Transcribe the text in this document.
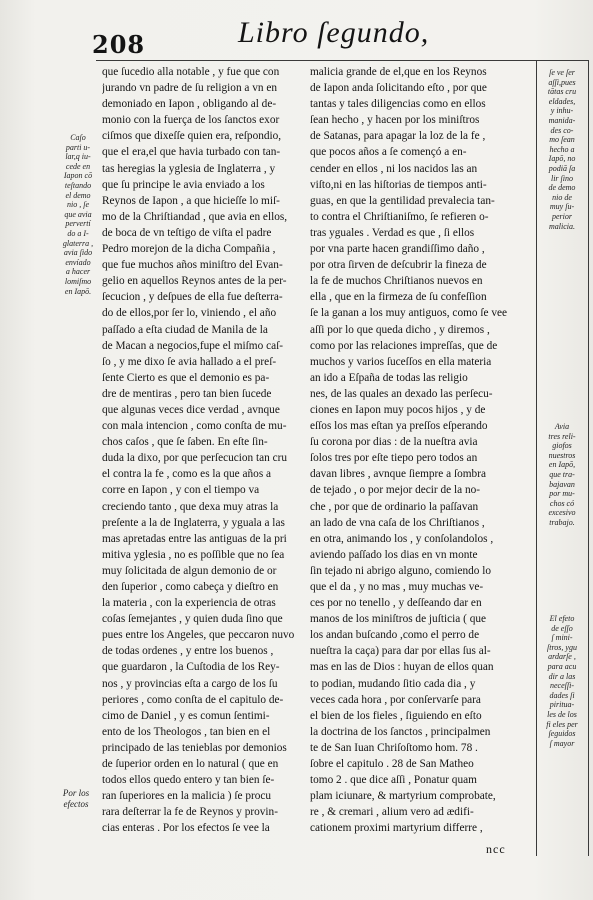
208	Libro ſegundo,
que ſucedio alla notable , y fue que con
jurando vn padre de ſu religion a vn en
demoniado en Iapon , obligando al de-
monio con la fuerça de los ſanctos exor
ciſmos que dixeſſe quien era, reſpondio,
que el era,el que havia turbado con tan-
tas heregias la yglesia de Inglaterra , y
que ſu principe le avia enviado a los
Reynos de Iapon , a que hicieſſe lo miſ-
mo de la Chriſtiandad , que avia en ellos,
de boca de vn teſtigo de viſta el padre
Pedro morejon de la dicha Compañia ,
que fue muchos años miniſtro del Evan-
gelio en aquellos Reynos antes de la per-
ſecucion , y deſpues de ella fue deſterra-
do de ellos,por ſer lo, viniendo , el año
paſſado a eſta ciudad de Manila de la
de Macan a negocios,fupe el miſmo caſ-
ſo , y me dixo ſe avia hallado a el preſ-
ſente Cierto es que el demonio es pa-
dre de mentiras , pero tan bien ſucede
que algunas veces dice verdad , avnque
con mala intencion , como conſta de mu-
chos caſos , que ſe ſaben. En eſte ſin-
duda la dixo, por que perſecucion tan cru
el contra la fe , como es la que años a
corre en Iapon , y con el tiempo va
creciendo tanto , que dexa muy atras la
preſente a la de Inglaterra, y yguala a las
mas apretadas entre las antiguas de la pri
mitiva yglesia , no es poſſible que no ſea
muy ſolicitada de algun demonio de or
den ſuperior , como cabeça y dieſtro en
la materia , con la experiencia de otras
coſas ſemejantes , y quien duda ſino que
pues entre los Angeles, que peccaron nuvo
de todas ordenes , y entre los buenos ,
que guardaron , la Cuſtodia de los Rey-
nos , y provincias eſta a cargo de los ſu
periores , como conſta de el capitulo de-
cimo de Daniel , y es comun ſentimi-
ento de los Theologos , tan bien en el
principado de las tenieblas por demonios
de ſuperior orden en lo natural ( que en
todos ellos quedo entero y tan bien ſe-
ran ſuperiores en la malicia ) ſe procu
rara deſterrar la fe de Reynos y provin-
cias enteras . Por los efectos ſe vee la
malicia grande de el,que en los Reynos
de Iapon anda ſolicitando eſto , por que
tantas y tales diligencias como en ellos
ſean hecho , y hacen por los miniſtros
de Satanas, para apagar la loz de la fe ,
que pocos años a ſe començó a en-
cender en ellos , ni los nacidos las an
viſto,ni en las hiſtorias de tiempos anti-
guas, en que la gentilidad prevalecia tan-
to contra el Chriſtianiſmo, ſe refieren o-
tras yguales . Verdad es que , ſi ellos
por vna parte hacen grandiſſimo daño ,
por otra ſirven de deſcubrir la fineza de
la fe de muchos Chriſtianos nuevos en
ella , que en la firmeza de ſu confeſſion
ſe la ganan a los muy antiguos, como ſe vee
aſſi por lo que queda dicho , y diremos ,
como por las relaciones impreſſas, que de
muchos y varios ſuceſſos en ella materia
an ido a Eſpaña de todas las religio
nes, de las quales an dexado las perſecu-
ciones en Iapon muy pocos hijos , y de
eſſos los mas eſtan ya preſſos eſperando
ſu corona por dias : de la nueſtra avia
ſolos tres por eſte tiepo pero todos an
davan libres , avnque ſiempre a ſombra
de tejado , o por mejor decir de la no-
che , por que de ordinario la paſſavan
an lado de vna caſa de los Chriſtianos ,
en otra, animando los , y conſolandolos ,
aviendo paſſado los dias en vn monte
ſin tejado ni abrigo alguno, comiendo lo
que el da , y no mas , muy muchas ve-
ces por no tenello , y deſſeando dar en
manos de los miniſtros de juſticia ( que
los andan buſcando ,como el perro de
nueſtra la caça) para dar por ellas ſus al-
mas en las de Dios : huyan de ellos quan
to podian, mudando ſitio cada dia , y
veces cada hora , por conſervarſe para
el bien de los fieles , ſiguiendo en eſto
la doctrina de los ſanctos , principalmen
te de San Iuan Chriſoſtomo hom. 78 .
ſobre el capitulo . 28 de San Matheo
tomo 2 . que dice aſſi , Ponatur quam
plam iciunare, & martyrium comprobate,
re , & cremari , alium vero ad ædifi-
cationem proximi martyrium differre ,
Caſo
parti u-
lar,q iu-
cede en
Iapon cō
teſtando
el demo
nio , ſe
que avia
pervertí
do a I-
glaterra ,
avia ſido
envíado
a hacer
lomiſmo
en Iapō.
Por los
efectos
ſe ve ſer
aſſi,pues
tātas cru
eldades,
y inhu-
manida-
des co-
mo ſean
hecho a
Iapō, no
podiā ſa
lir ſino
de demo
nio de
muy ſu-
perior
malicia.
Avia
tres reli-
giofos
nuestros
en Iapō,
que tra-
bajavan
por mu-
chos có
excesivo
trabajo.
El efeto
de eſſo
ſ mini-
ſtros, ygu
ardarſe ,
para acu
dir a las
neceſſi-
dades ſi
piritua-
les de los
fi eles per
ſeguidos
ſ mayor
ncc
